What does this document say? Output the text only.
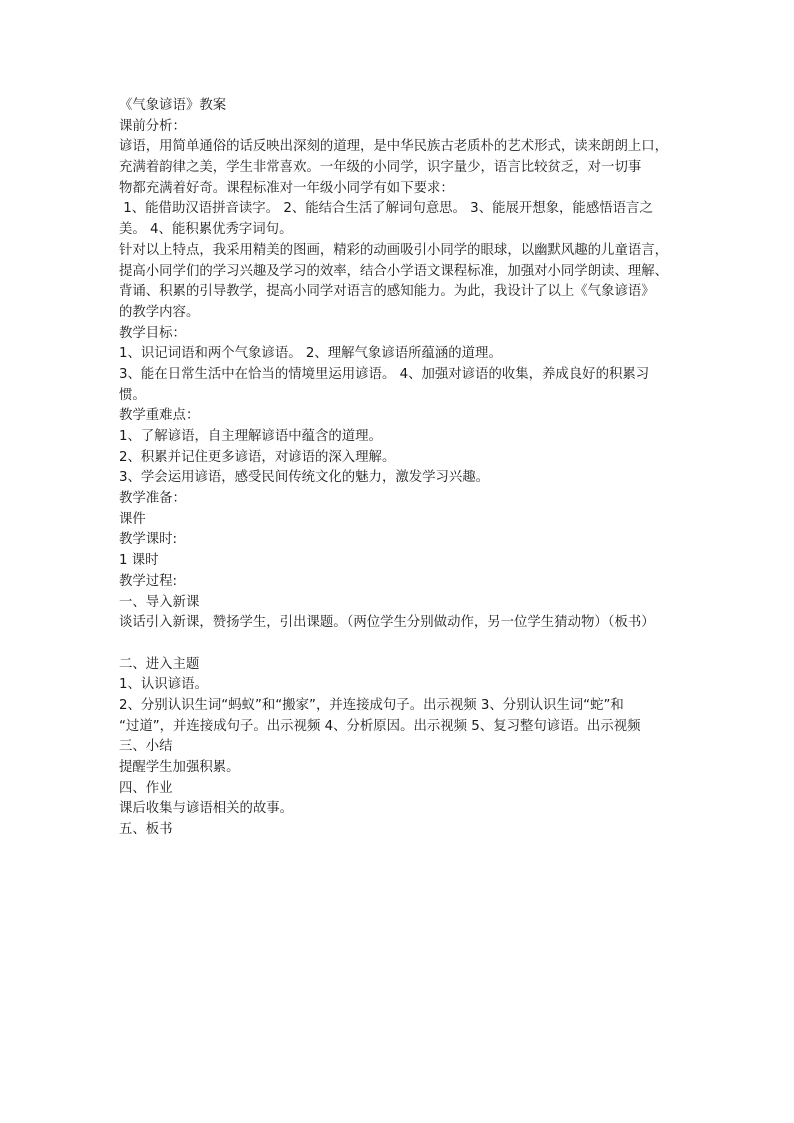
《气象谚语》教案
课前分析：
谚语，用简单通俗的话反映出深刻的道理，是中华民族古老质朴的艺术形式，读来朗朗上口，
充满着韵律之美，学生非常喜欢。一年级的小同学，识字量少，语言比较贫乏，对一切事
物都充满着好奇。课程标准对一年级小同学有如下要求：
1、能借助汉语拼音读字。 2、能结合生活了解词句意思。 3、能展开想象，能感悟语言之
美。 4、能积累优秀字词句。
针对以上特点，我采用精美的图画，精彩的动画吸引小同学的眼球，以幽默风趣的儿童语言，
提高小同学们的学习兴趣及学习的效率，结合小学语文课程标准，加强对小同学朗读、理解、
背诵、积累的引导教学，提高小同学对语言的感知能力。为此，我设计了以上《气象谚语》
的教学内容。
教学目标：
1、识记词语和两个气象谚语。 2、理解气象谚语所蕴涵的道理。
3、能在日常生活中在恰当的情境里运用谚语。 4、加强对谚语的收集，养成良好的积累习
惯。
教学重难点：
1、了解谚语，自主理解谚语中蕴含的道理。
2、积累并记住更多谚语，对谚语的深入理解。
3、学会运用谚语，感受民间传统文化的魅力，激发学习兴趣。
教学准备：
课件
教学课时:
1 课时
教学过程:
一、导入新课
谈话引入新课，赞扬学生，引出课题。（两位学生分别做动作，另一位学生猜动物）（板书）
二、进入主题
1、认识谚语。
2、分别认识生词“蚂蚁”和“搬家”，并连接成句子。出示视频 3、分别认识生词“蛇”和
“过道”，并连接成句子。出示视频 4、分析原因。出示视频 5、复习整句谚语。出示视频
三、小结
提醒学生加强积累。
四、作业
课后收集与谚语相关的故事。
五、板书
